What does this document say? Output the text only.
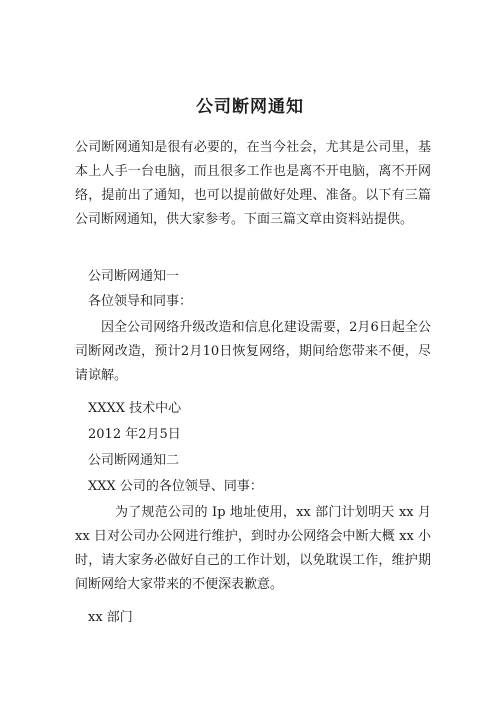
公司断网通知
公司断网通知是很有必要的，在当今社会，尤其是公司里，基本上人手一台电脑，而且很多工作也是离不开电脑，离不开网络，提前出了通知，也可以提前做好处理、准备。以下有三篇公司断网通知，供大家参考。下面三篇文章由资料站提供。
公司断网通知一
各位领导和同事：
因全公司网络升级改造和信息化建设需要，2月6日起全公司断网改造，预计2月10日恢复网络，期间给您带来不便，尽请谅解。
XXXX 技术中心
2012 年2月5日
公司断网通知二
XXX 公司的各位领导、同事：
为了规范公司的 Ip 地址使用，xx 部门计划明天 xx 月 xx 日对公司办公网进行维护，到时办公网络会中断大概 xx 小时，请大家务必做好自己的工作计划，以免耽误工作，维护期间断网给大家带来的不便深表歉意。
xx 部门
